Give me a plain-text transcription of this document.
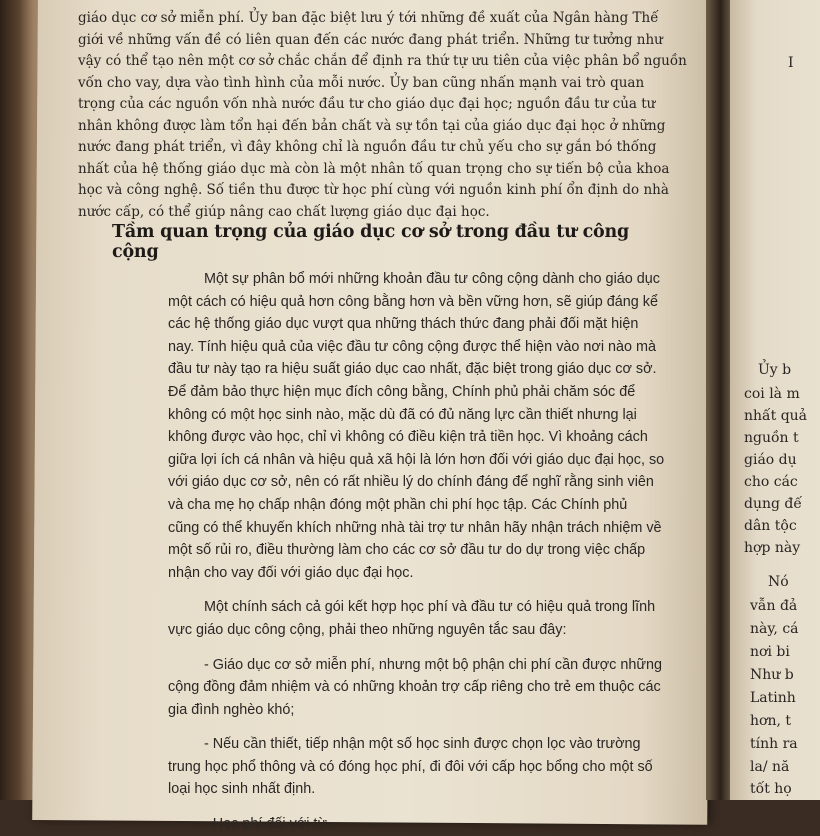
giáo dục cơ sở miễn phí. Ủy ban đặc biệt lưu ý tới những đề xuất của Ngân hàng Thế
giới về những vấn đề có liên quan đến các nước đang phát triển. Những tư tưởng như
vậy có thể tạo nên một cơ sở chắc chắn để định ra thứ tự ưu tiên của việc phân bổ nguồn
vốn cho vay, dựa vào tình hình của mỗi nước. Ủy ban cũng nhấn mạnh vai trò quan
trọng của các nguồn vốn nhà nước đầu tư cho giáo dục đại học; nguồn đầu tư của tư
nhân không được làm tổn hại đến bản chất và sự tồn tại của giáo dục đại học ở những
nước đang phát triển, vì đây không chỉ là nguồn đầu tư chủ yếu cho sự gắn bó thống
nhất của hệ thống giáo dục mà còn là một nhân tố quan trọng cho sự tiến bộ của khoa
học và công nghệ. Số tiền thu được từ học phí cùng với nguồn kinh phí ổn định do nhà
nước cấp, có thể giúp nâng cao chất lượng giáo dục đại học.
Tầm quan trọng của giáo dục cơ sở trong đầu tư công cộng
Một sự phân bổ mới những khoản đầu tư công cộng dành cho giáo dục
một cách có hiệu quả hơn công bằng hơn và bền vững hơn, sẽ giúp đáng kể
các hệ thống giáo dục vượt qua những thách thức đang phải đối mặt hiện
nay. Tính hiệu quả của việc đầu tư công cộng được thể hiện vào nơi nào mà
đầu tư này tạo ra hiệu suất giáo dục cao nhất, đặc biệt trong giáo dục cơ sở.
Để đảm bảo thực hiện mục đích công bằng, Chính phủ phải chăm sóc để
không có một học sinh nào, mặc dù đã có đủ năng lực cần thiết nhưng lại
không được vào học, chỉ vì không có điều kiện trả tiền học. Vì khoảng cách
giữa lợi ích cá nhân và hiệu quả xã hội là lớn hơn đối với giáo dục đại học, so
với giáo dục cơ sở, nên có rất nhiều lý do chính đáng để nghĩ rằng sinh viên
và cha mẹ họ chấp nhận đóng một phần chi phí học tập. Các Chính phủ
cũng có thể khuyến khích những nhà tài trợ tư nhân hãy nhận trách nhiệm về
một số rủi ro, điều thường làm cho các cơ sở đầu tư do dự trong việc chấp
nhận cho vay đối với giáo dục đại học.
Một chính sách cả gói kết hợp học phí và đầu tư có hiệu quả trong lĩnh
vực giáo dục công cộng, phải theo những nguyên tắc sau đây:
- Giáo dục cơ sở miễn phí, nhưng một bộ phận chi phí cần được những
cộng đồng đảm nhiệm và có những khoản trợ cấp riêng cho trẻ em thuộc các
gia đình nghèo khó;
- Nếu cần thiết, tiếp nhận một số học sinh được chọn lọc vào trường
trung học phổ thông và có đóng học phí, đi đôi với cấp học bổng cho một số
loại học sinh nhất định.
- Học phí đối với từ...
I
Ủy b
coi là m
nhất quả
nguồn t
giáo dụ
cho các
dụng đế
dân tộc
hợp này
Nó
vẫn đả
này, cá
nơi bi
Như b
Latinh
hơn, t
tính ra
la/ nă
tốt họ
